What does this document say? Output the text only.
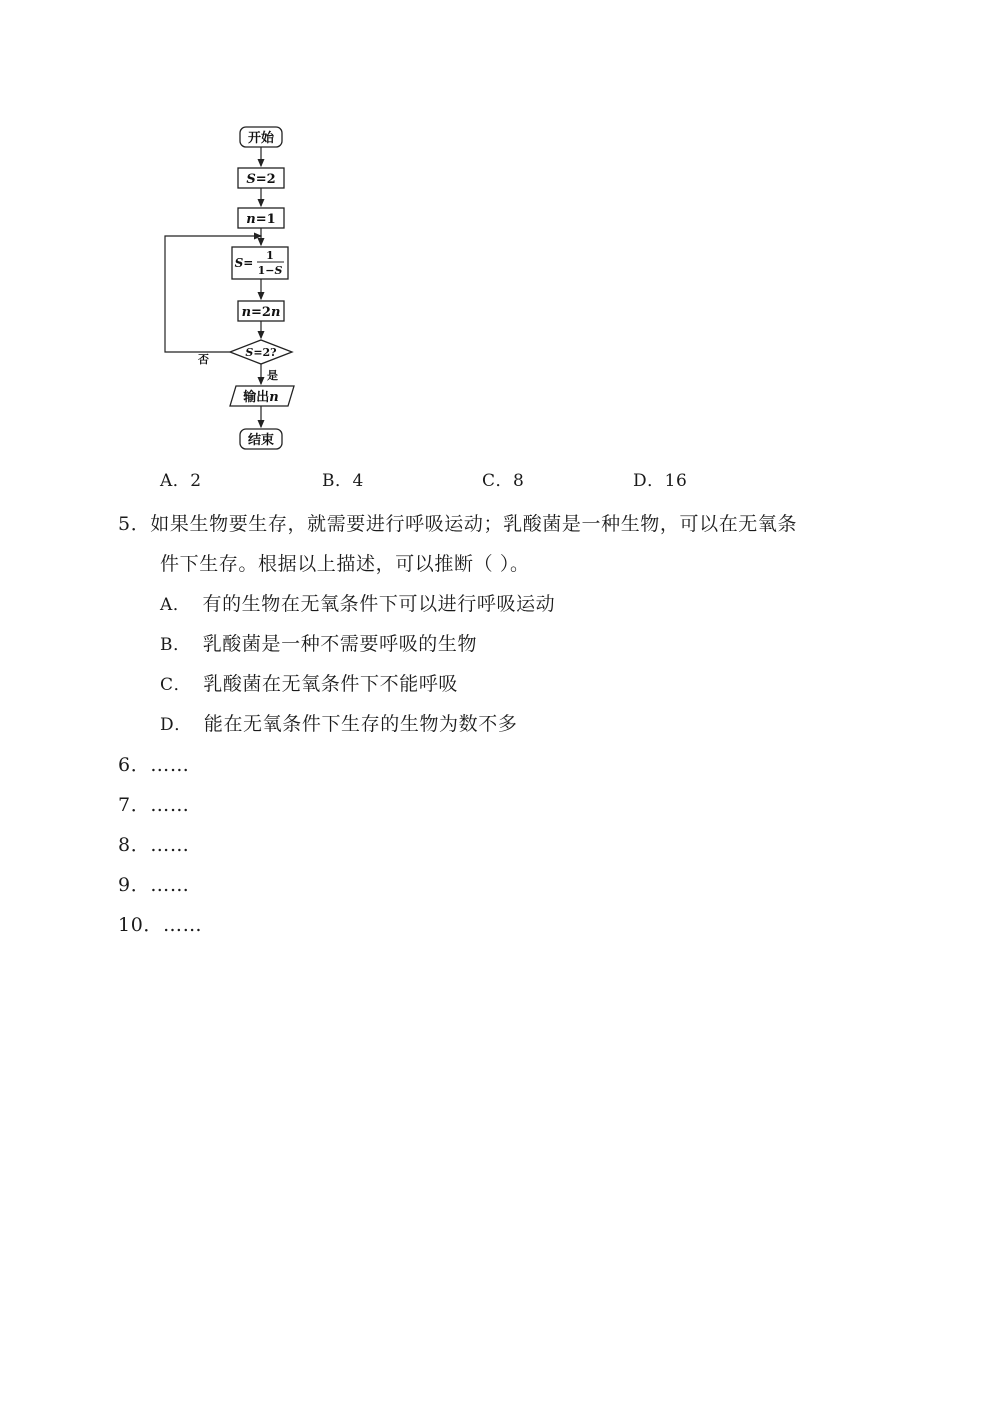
开始
S=2
n=1
S=
1
1−S
n=2n
S=2?
否
是
输出n
结束
A．2	B．4	C．8	D．16
5．如果生物要生存，就需要进行呼吸运动；乳酸菌是一种生物，可以在无氧条
件下生存。根据以上描述，可以推断（ ）。
A． 有的生物在无氧条件下可以进行呼吸运动
B． 乳酸菌是一种不需要呼吸的生物
C． 乳酸菌在无氧条件下不能呼吸
D． 能在无氧条件下生存的生物为数不多
6．……
7．……
8．……
9．……
10．……
